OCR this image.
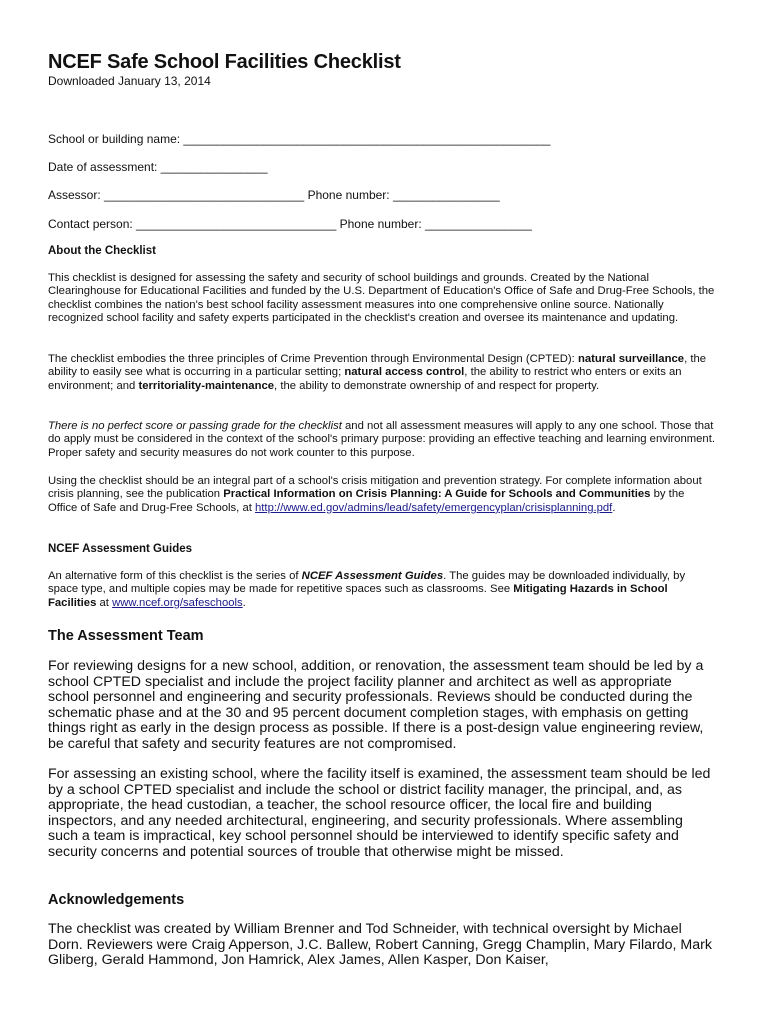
NCEF Safe School Facilities Checklist

Downloaded January 13, 2014

School or building name: _______________________________________________________
Date of assessment: ________________
Assessor: ______________________________ Phone number: ________________
Contact person: ______________________________ Phone number: ________________
About the Checklist

This checklist is designed for assessing the safety and security of school buildings and grounds. Created by the National Clearinghouse for Educational Facilities and funded by the U.S. Department of Education's Office of Safe and Drug-Free Schools, the checklist combines the nation's best school facility assessment measures into one comprehensive online source. Nationally recognized school facility and safety experts participated in the checklist's creation and oversee its maintenance and updating.

The checklist embodies the three principles of Crime Prevention through Environmental Design (CPTED): natural surveillance, the ability to easily see what is occurring in a particular setting; natural access control, the ability to restrict who enters or exits an environment; and territoriality-maintenance, the ability to demonstrate ownership of and respect for property.

There is no perfect score or passing grade for the checklist and not all assessment measures will apply to any one school. Those that do apply must be considered in the context of the school's primary purpose: providing an effective teaching and learning environment. Proper safety and security measures do not work counter to this purpose.

Using the checklist should be an integral part of a school's crisis mitigation and prevention strategy. For complete information about crisis planning, see the publication Practical Information on Crisis Planning: A Guide for Schools and Communities by the Office of Safe and Drug-Free Schools, at http://www.ed.gov/admins/lead/safety/emergencyplan/crisisplanning.pdf.

NCEF Assessment Guides

An alternative form of this checklist is the series of NCEF Assessment Guides. The guides may be downloaded individually, by space type, and multiple copies may be made for repetitive spaces such as classrooms. See Mitigating Hazards in School Facilities at www.ncef.org/safeschools.

The Assessment Team

For reviewing designs for a new school, addition, or renovation, the assessment team should be led by a school CPTED specialist and include the project facility planner and architect as well as appropriate school personnel and engineering and security professionals. Reviews should be conducted during the schematic phase and at the 30 and 95 percent document completion stages, with emphasis on getting things right as early in the design process as possible. If there is a post-design value engineering review, be careful that safety and security features are not compromised.

For assessing an existing school, where the facility itself is examined, the assessment team should be led by a school CPTED specialist and include the school or district facility manager, the principal, and, as appropriate, the head custodian, a teacher, the school resource officer, the local fire and building inspectors, and any needed architectural, engineering, and security professionals. Where assembling such a team is impractical, key school personnel should be interviewed to identify specific safety and security concerns and potential sources of trouble that otherwise might be missed.

Acknowledgements

The checklist was created by William Brenner and Tod Schneider, with technical oversight by Michael Dorn. Reviewers were Craig Apperson, J.C. Ballew, Robert Canning, Gregg Champlin, Mary Filardo, Mark Gliberg, Gerald Hammond, Jon Hamrick, Alex James, Allen Kasper, Don Kaiser,
